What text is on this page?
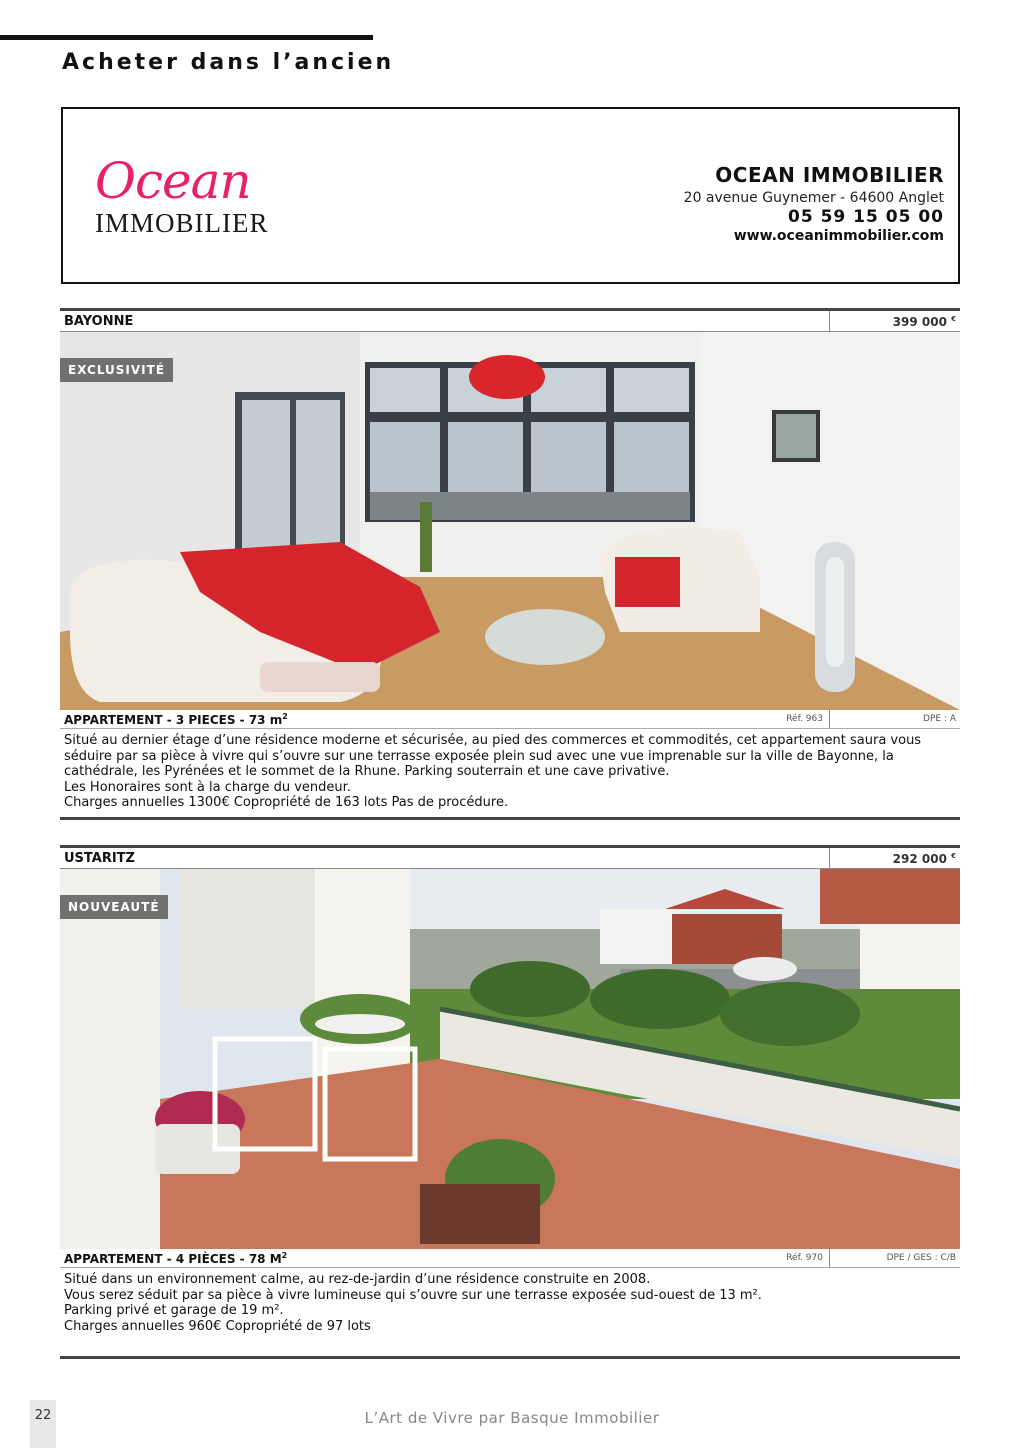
Acheter dans l’ancien
Ocean
IMMOBILIER
OCEAN IMMOBILIER
20 avenue Guynemer - 64600 Anglet
05 59 15 05 00
www.oceanimmobilier.com
BAYONNE	399 000 €
EXCLUSIVITÉ
APPARTEMENT - 3 PIECES - 73 $m^2$	Réf. 963	DPE : A

Situé au dernier étage d’une résidence moderne et sécurisée, au pied des commerces et commodités, cet appartement saura vous séduire par sa pièce à vivre qui s’ouvre sur une terrasse exposée plein sud avec une vue imprenable sur la ville de Bayonne, la cathédrale, les Pyrénées et le sommet de la Rhune. Parking souterrain et une cave privative.

Les Honoraires sont à la charge du vendeur.

Charges annuelles 1300€ Copropriété de 163 lots Pas de procédure.

USTARITZ	292 000 €
NOUVEAUTÉ
APPARTEMENT - 4 PIÈCES - 78 $M^2$	Réf. 970	DPE / GES : C/B

Situé dans un environnement calme, au rez-de-jardin d’une résidence construite en 2008.

Vous serez séduit par sa pièce à vivre lumineuse qui s’ouvre sur une terrasse exposée sud-ouest de 13 m².

Parking privé et garage de 19 m².

Charges annuelles 960€ Copropriété de 97 lots

22	L’Art de Vivre par Basque Immobilier
